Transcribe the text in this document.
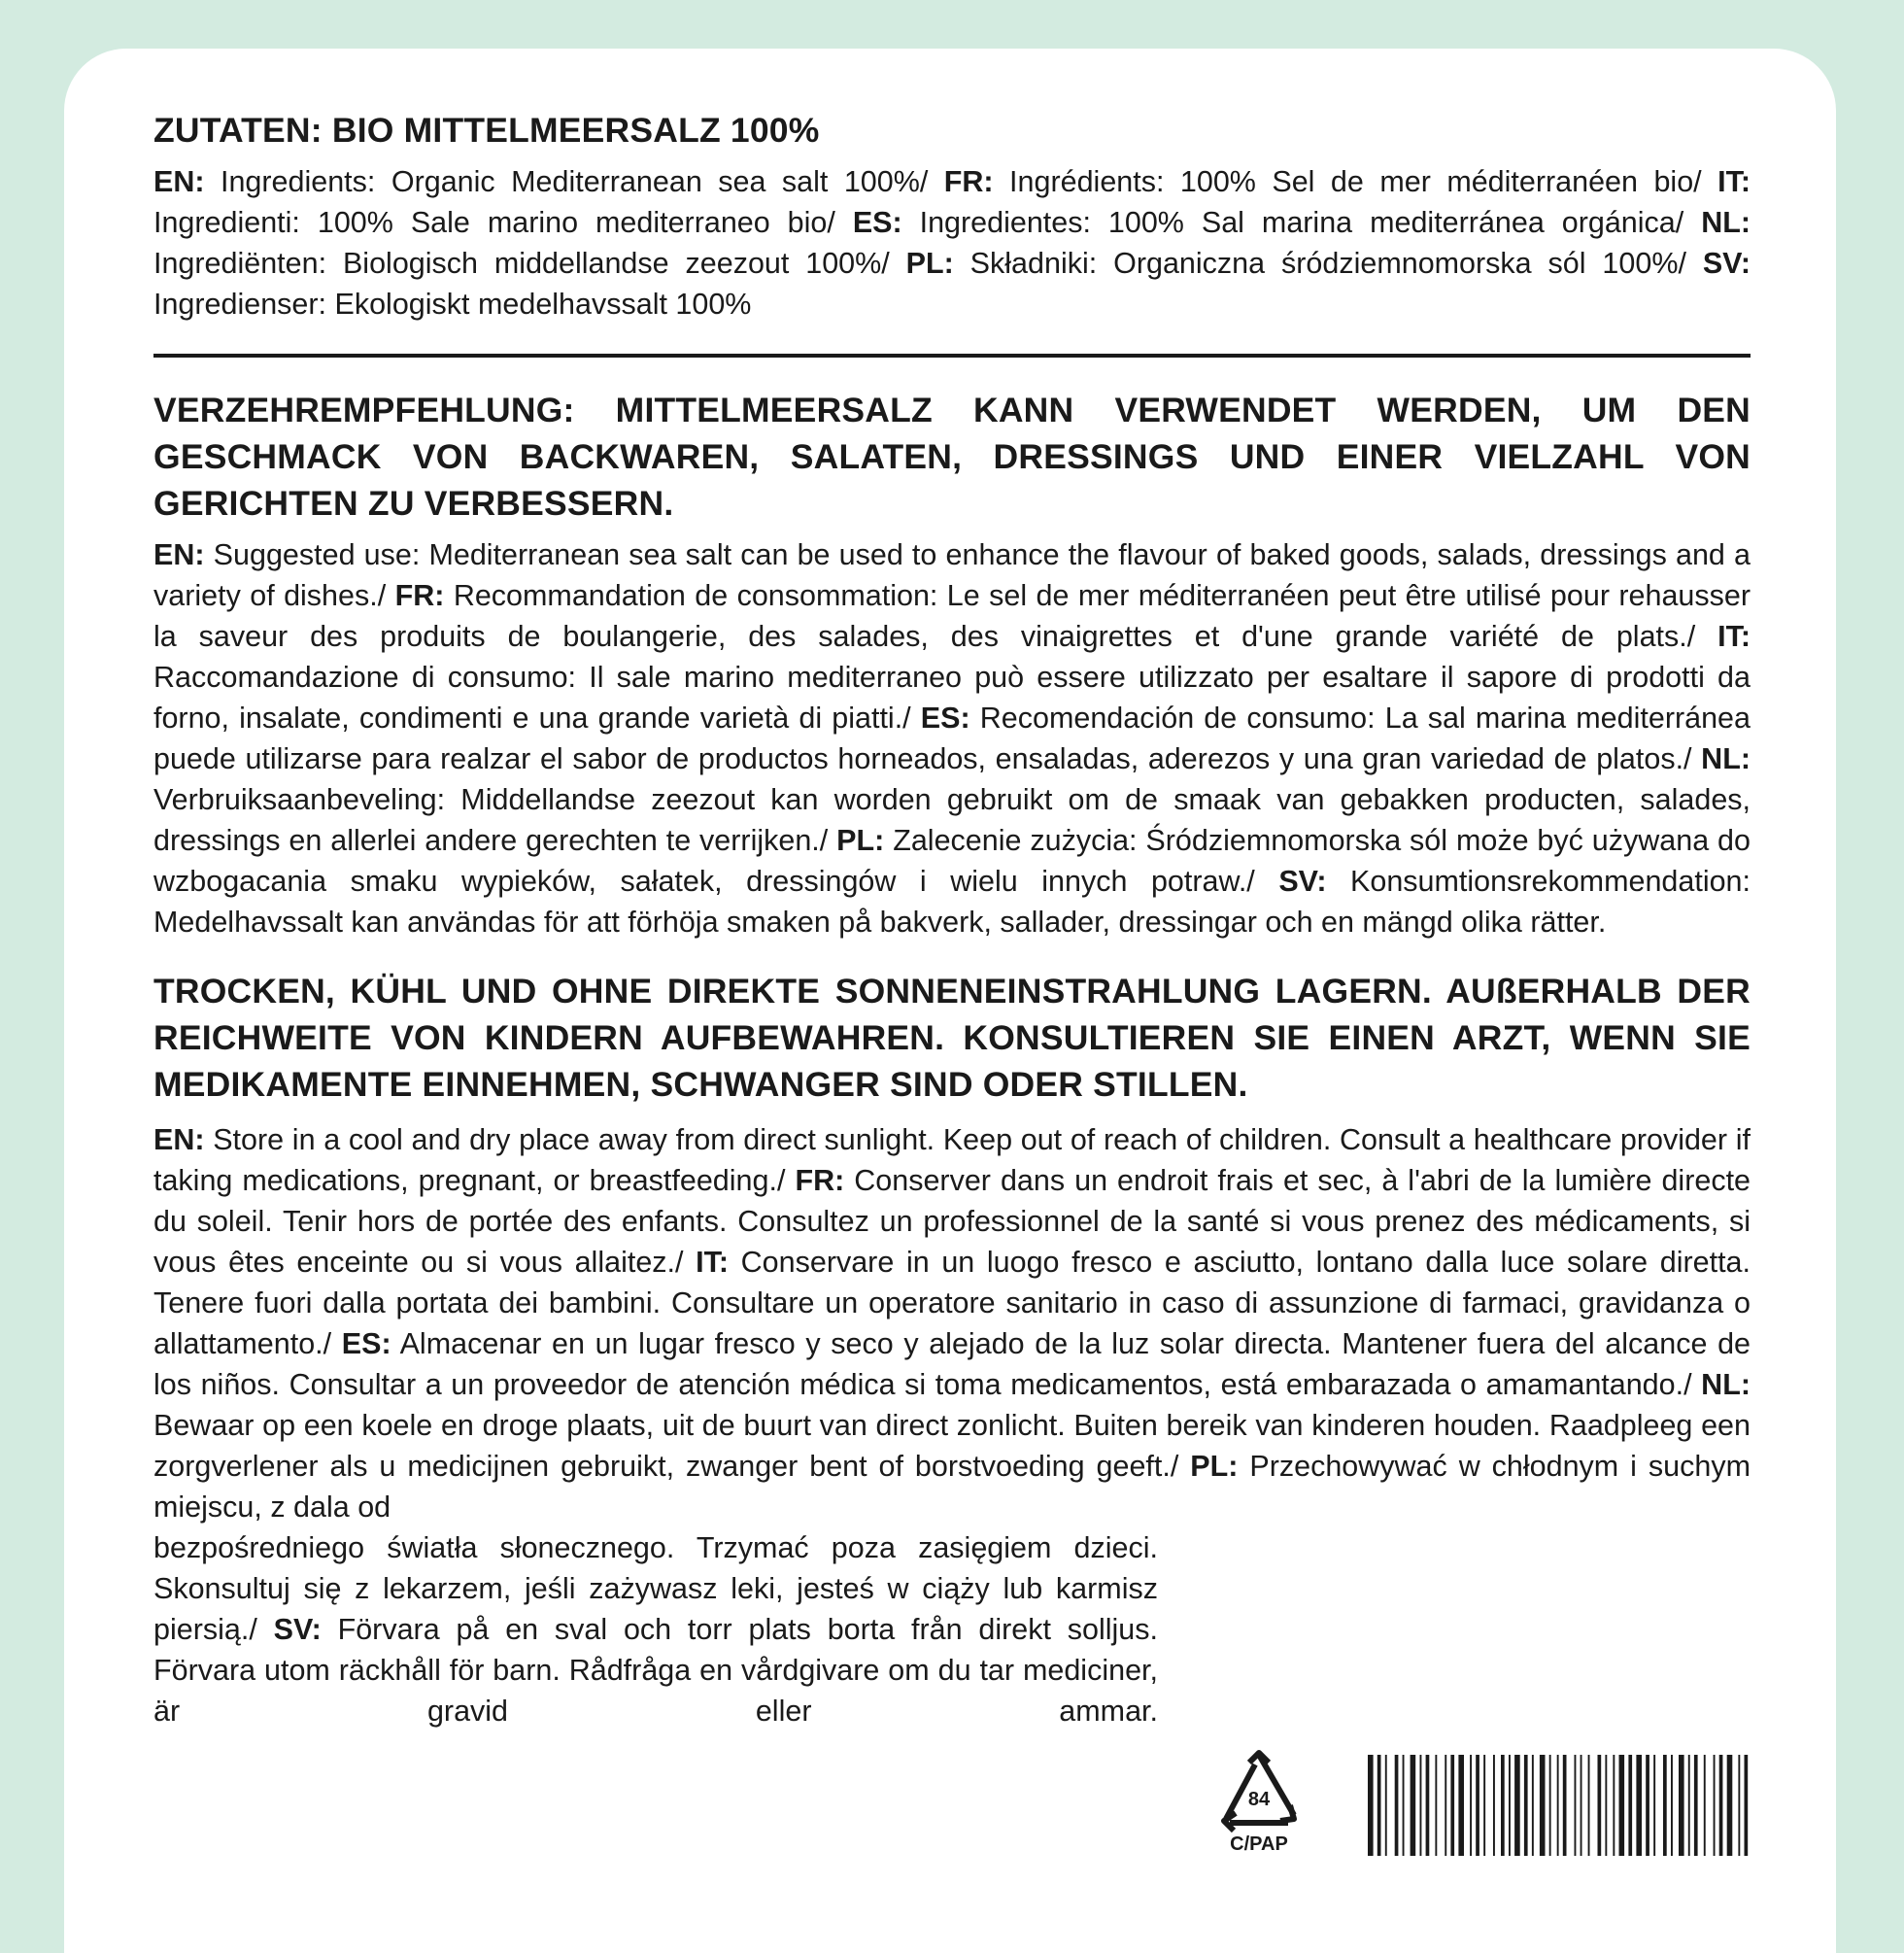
ZUTATEN: BIO MITTELMEERSALZ 100%

EN: Ingredients: Organic Mediterranean sea salt 100%/ FR: Ingrédients: 100% Sel de mer méditerranéen bio/ IT: Ingredienti: 100% Sale marino mediterraneo bio/ ES: Ingredientes: 100% Sal marina mediterránea orgánica/ NL: Ingrediënten: Biologisch middellandse zeezout 100%/ PL: Składniki: Organiczna śródziemnomorska sól 100%/ SV: Ingredienser: Ekologiskt medelhavssalt 100%

VERZEHREMPFEHLUNG: MITTELMEERSALZ KANN VERWENDET WERDEN, UM DEN GESCHMACK VON BACKWAREN, SALATEN, DRESSINGS UND EINER VIELZAHL VON GERICHTEN ZU VERBESSERN.

EN: Suggested use: Mediterranean sea salt can be used to enhance the flavour of baked goods, salads, dressings and a variety of dishes./ FR: Recommandation de consommation: Le sel de mer méditerranéen peut être utilisé pour rehausser la saveur des produits de boulangerie, des salades, des vinaigrettes et d'une grande variété de plats./ IT: Raccomandazione di consumo: Il sale marino mediterraneo può essere utilizzato per esaltare il sapore di prodotti da forno, insalate, condimenti e una grande varietà di piatti./ ES: Recomendación de consumo: La sal marina mediterránea puede utilizarse para realzar el sabor de productos horneados, ensaladas, aderezos y una gran variedad de platos./ NL: Verbruiksaanbeveling: Middellandse zeezout kan worden gebruikt om de smaak van gebakken producten, salades, dressings en allerlei andere gerechten te verrijken./ PL: Zalecenie zużycia: Śródziemnomorska sól może być używana do wzbogacania smaku wypieków, sałatek, dressingów i wielu innych potraw./ SV: Konsumtionsrekommendation: Medelhavssalt kan användas för att förhöja smaken på bakverk, sallader, dressingar och en mängd olika rätter.

TROCKEN, KÜHL UND OHNE DIREKTE SONNENEINSTRAHLUNG LAGERN. AUßERHALB DER REICHWEITE VON KINDERN AUFBEWAHREN. KONSULTIEREN SIE EINEN ARZT, WENN SIE MEDIKAMENTE EINNEHMEN, SCHWANGER SIND ODER STILLEN.

EN: Store in a cool and dry place away from direct sunlight. Keep out of reach of children. Consult a healthcare provider if taking medications, pregnant, or breastfeeding./ FR: Conserver dans un endroit frais et sec, à l'abri de la lumière directe du soleil. Tenir hors de portée des enfants. Consultez un professionnel de la santé si vous prenez des médicaments, si vous êtes enceinte ou si vous allaitez./ IT: Conservare in un luogo fresco e asciutto, lontano dalla luce solare diretta. Tenere fuori dalla portata dei bambini. Consultare un operatore sanitario in caso di assunzione di farmaci, gravidanza o allattamento./ ES: Almacenar en un lugar fresco y seco y alejado de la luz solar directa. Mantener fuera del alcance de los niños. Consultar a un proveedor de atención médica si toma medicamentos, está embarazada o amamantando./ NL: Bewaar op een koele en droge plaats, uit de buurt van direct zonlicht. Buiten bereik van kinderen houden. Raadpleeg een zorgverlener als u medicijnen gebruikt, zwanger bent of borstvoeding geeft./ PL: Przechowywać w chłodnym i suchym miejscu, z dala od

bezpośredniego światła słonecznego. Trzymać poza zasięgiem dzieci. Skonsultuj się z lekarzem, jeśli zażywasz leki, jesteś w ciąży lub karmisz piersią./ SV: Förvara på en sval och torr plats borta från direkt solljus. Förvara utom räckhåll för barn. Rådfråga en vårdgivare om du tar mediciner, är gravid eller ammar.

84
C/PAP
